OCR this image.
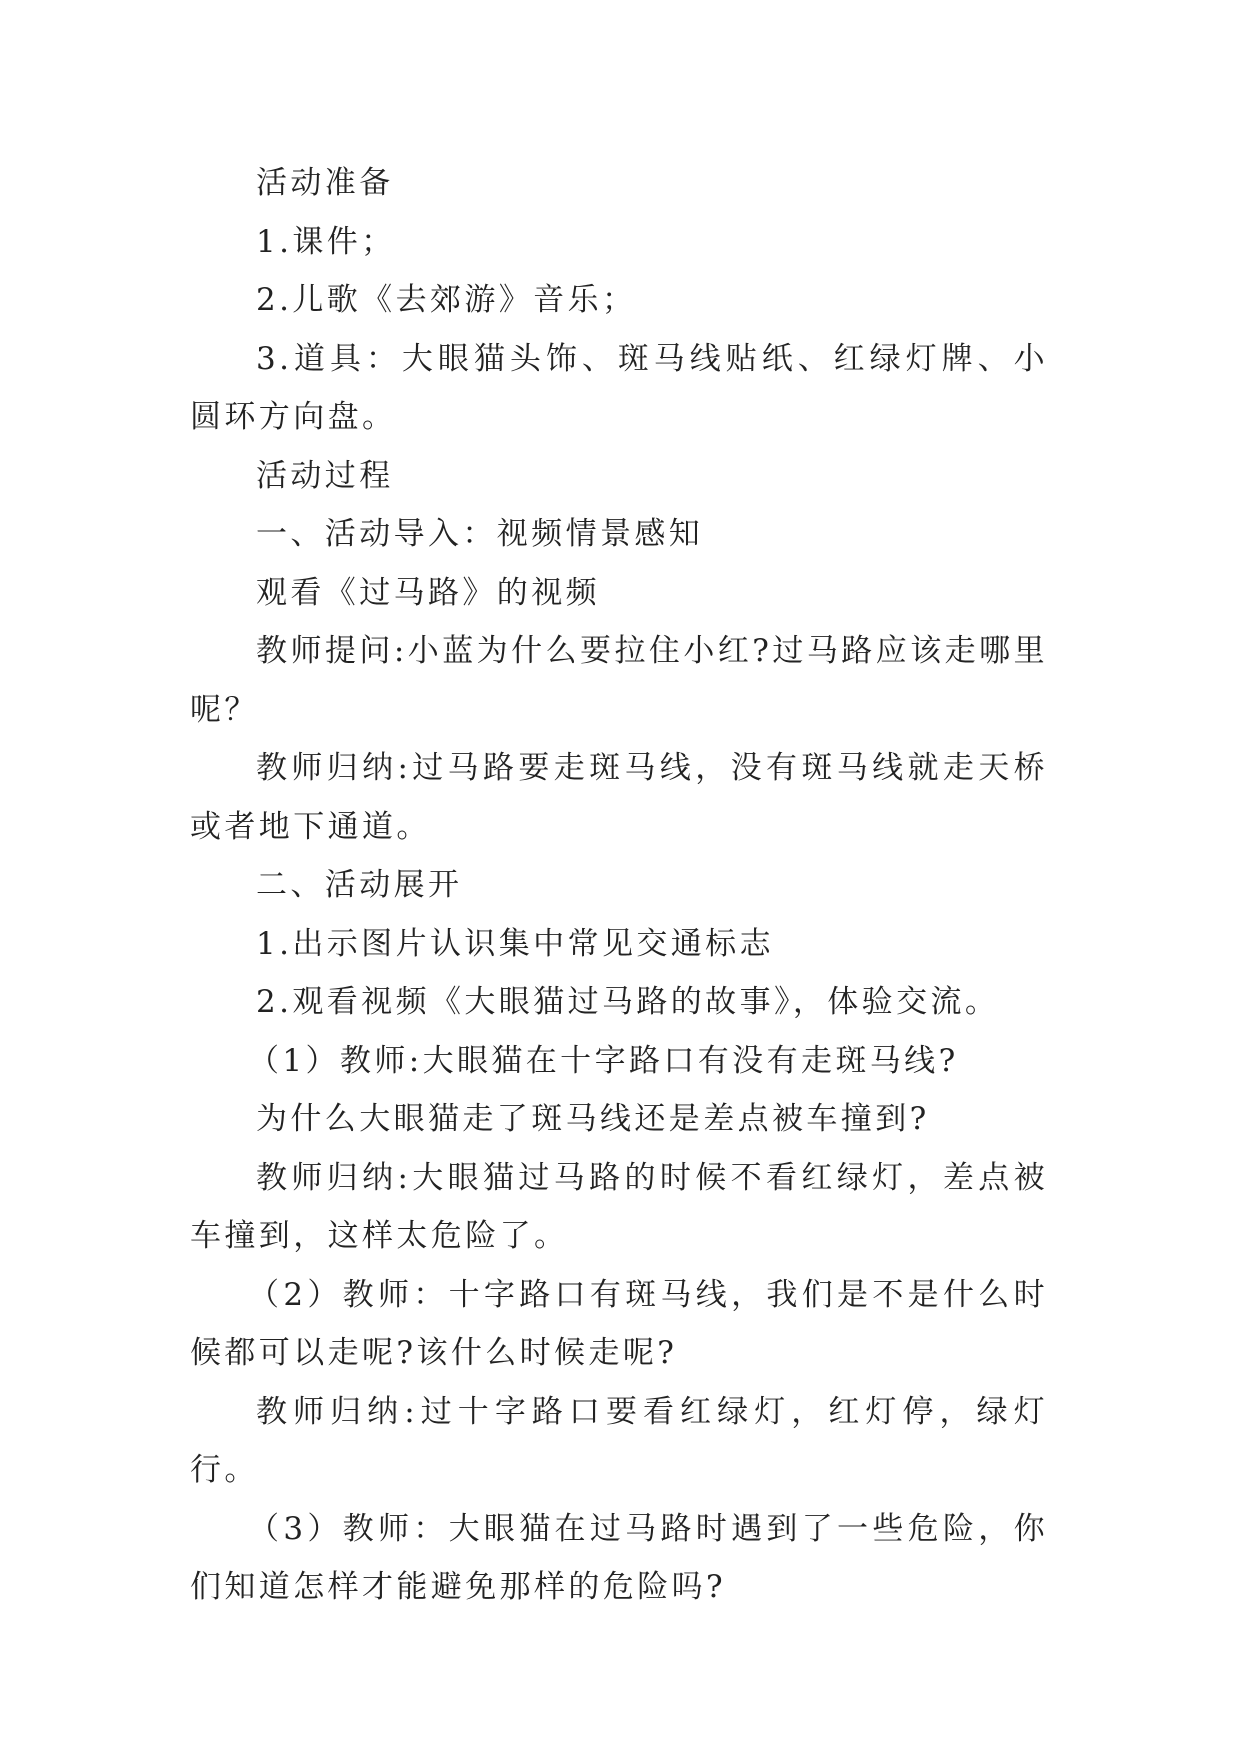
活动准备

1.课件；

2.儿歌《去郊游》音乐；

3.道具：大眼猫头饰、斑马线贴纸、红绿灯牌、小圆环方向盘。

活动过程

一、活动导入：视频情景感知

观看《过马路》的视频

教师提问:小蓝为什么要拉住小红?过马路应该走哪里呢？

教师归纳:过马路要走斑马线，没有斑马线就走天桥或者地下通道。

二、活动展开

1.出示图片认识集中常见交通标志

2.观看视频《大眼猫过马路的故事》，体验交流。

（1）教师:大眼猫在十字路口有没有走斑马线?

为什么大眼猫走了斑马线还是差点被车撞到?

教师归纳:大眼猫过马路的时候不看红绿灯，差点被车撞到，这样太危险了。

（2）教师：十字路口有斑马线，我们是不是什么时候都可以走呢?该什么时候走呢?

教师归纳:过十字路口要看红绿灯，红灯停，绿灯行。

（3）教师：大眼猫在过马路时遇到了一些危险，你们知道怎样才能避免那样的危险吗?
